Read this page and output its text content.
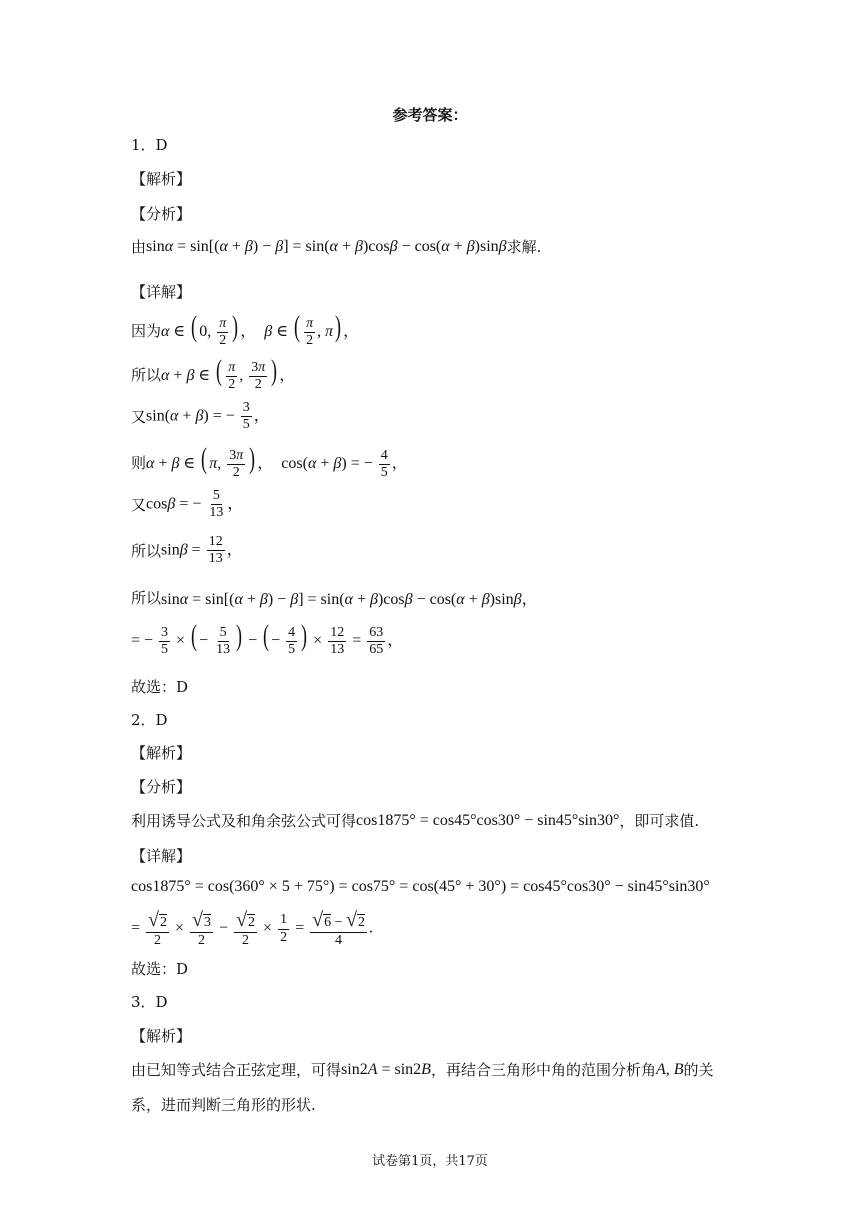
参考答案：
1．D
【解析】
【分析】
由 sinα = sin[(α + β) − β] = sin(α + β)cosβ − cos(α + β)sinβ 求解.
【详解】
因为 α ∈ ( 0, $\frac{\pi}{2}$ ) ，  β ∈ ( $\frac{\pi}{2}$ , π) ，
所以 α + β ∈ ( $\frac{\pi}{2}$ , $\frac{3\pi}{2}$ ) ，
又 sin(α + β) = − $\frac{3}{5}$ ，
则 α + β ∈ ( π, $\frac{3\pi}{2}$ ) ，  cos(α + β) = − $\frac{4}{5}$ ，
又 cosβ = − $\frac{5}{13}$ ，
所以 $\sin\beta = \frac{12}{13}$ ，
所以 sinα = sin[(α + β) − β] = sin(α + β)cosβ − cos(α + β)sinβ，
= − $\frac{3}{5}$ × ( − $\frac{5}{13}$ ) − ( − $\frac{4}{5}$ ) × $\frac{12}{13} = \frac{63}{65}$ ，
故选：D
2．D
【解析】
【分析】
利用诱导公式及和角余弦公式可得 cos1875° = cos45°cos30° − sin45°sin30° ，即可求值.
【详解】
cos1875° = cos(360° × 5 + 75°) = cos75° = cos(45° + 30°) = cos45°cos30° − sin45°sin30°
= $\frac{√2}{2} \times \frac{√3}{2} - \frac{√2}{2} \times \frac{1}{2} = \frac{√6 - √2}{4}$ .
故选：D
3．D
【解析】
由已知等式结合正弦定理，可得 sin2A = sin2B ，再结合三角形中角的范围分析角 A, B 的关
系，进而判断三角形的形状.
试卷第1页，共17页
